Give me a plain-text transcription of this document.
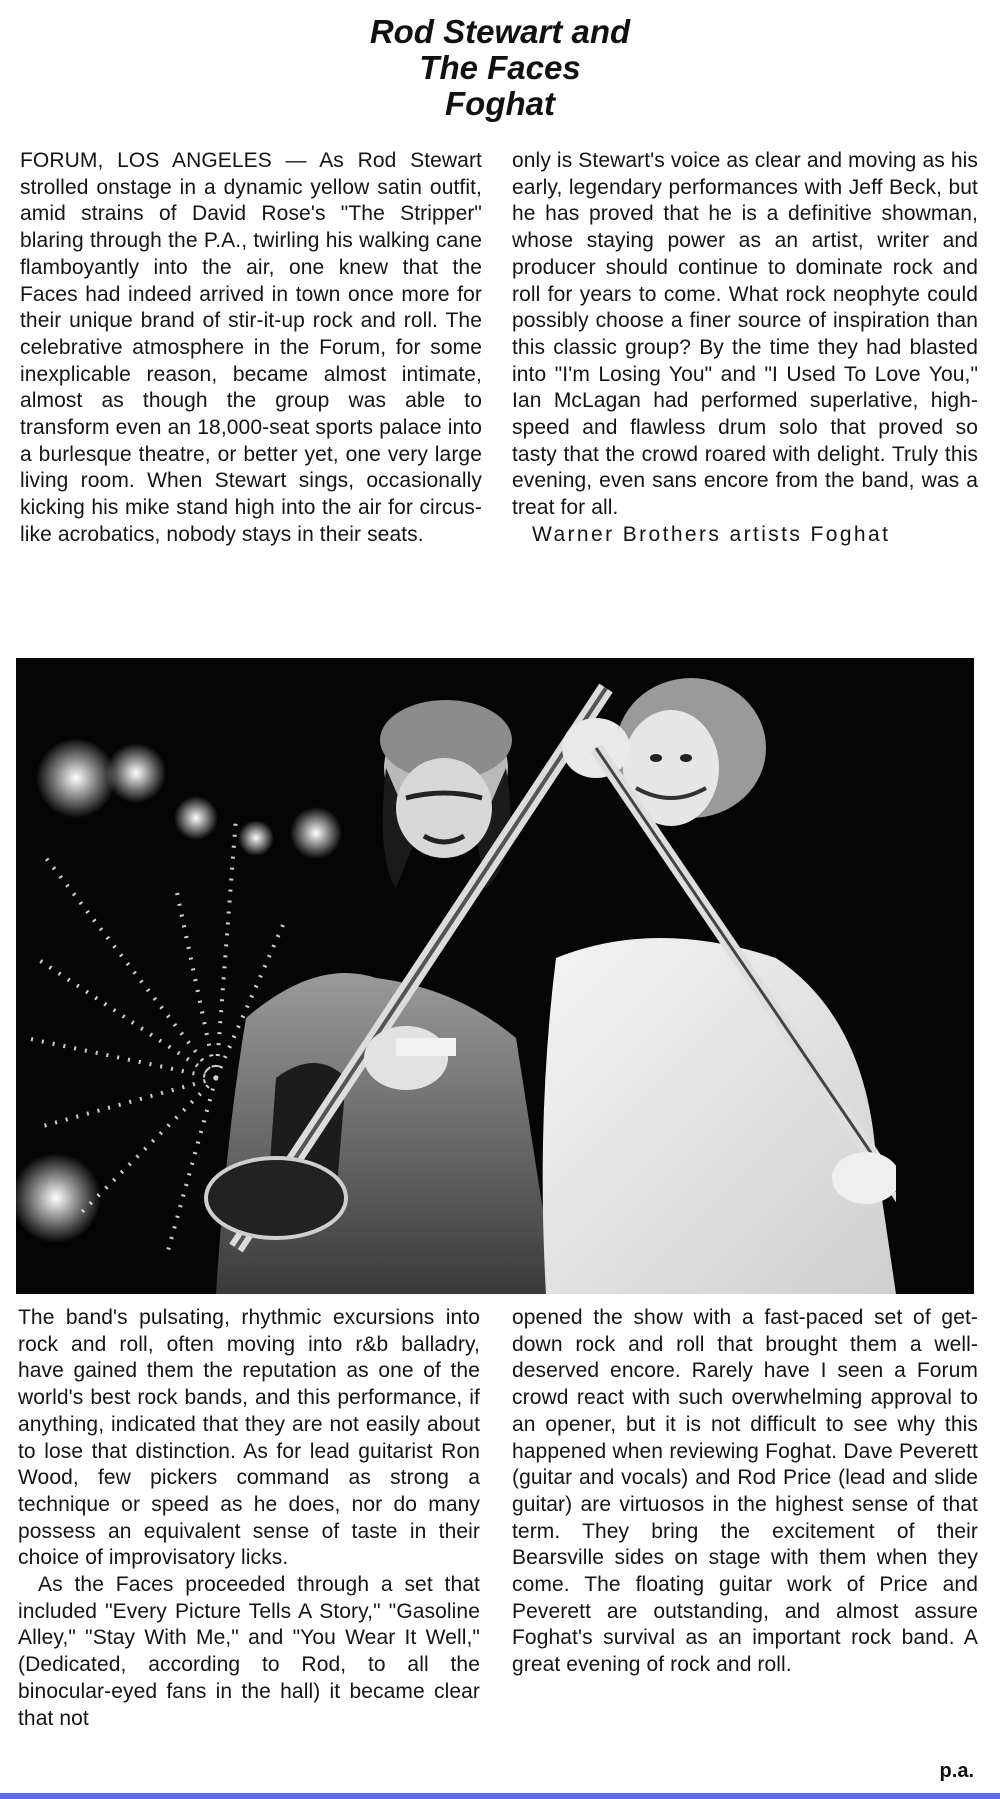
Rod Stewart and
The Faces
Foghat

FORUM, LOS ANGELES — As Rod Stewart strolled onstage in a dynamic yellow satin outfit, amid strains of David Rose's "The Stripper" blaring through the P.A., twirling his walking cane flamboyantly into the air, one knew that the Faces had indeed arrived in town once more for their unique brand of stir-it-up rock and roll. The celebrative atmosphere in the Forum, for some inexplicable reason, became almost intimate, almost as though the group was able to transform even an 18,000-seat sports palace into a burlesque theatre, or better yet, one very large living room. When Stewart sings, occasionally kicking his mike stand high into the air for circus-like acrobatics, nobody stays in their seats.

only is Stewart's voice as clear and moving as his early, legendary performances with Jeff Beck, but he has proved that he is a definitive showman, whose staying power as an artist, writer and producer should continue to dominate rock and roll for years to come. What rock neophyte could possibly choose a finer source of inspiration than this classic group? By the time they had blasted into "I'm Losing You" and "I Used To Love You," Ian McLagan had performed superlative, high-speed and flawless drum solo that proved so tasty that the crowd roared with delight. Truly this evening, even sans encore from the band, was a treat for all.

Warner Brothers artists Foghat

The band's pulsating, rhythmic excursions into rock and roll, often moving into r&b balladry, have gained them the reputation as one of the world's best rock bands, and this performance, if anything, indicated that they are not easily about to lose that distinction. As for lead guitarist Ron Wood, few pickers command as strong a technique or speed as he does, nor do many possess an equivalent sense of taste in their choice of improvisatory licks.

As the Faces proceeded through a set that included "Every Picture Tells A Story," "Gasoline Alley," "Stay With Me," and "You Wear It Well," (Dedicated, according to Rod, to all the binocular-eyed fans in the hall) it became clear that not

opened the show with a fast-paced set of get-down rock and roll that brought them a well-deserved encore. Rarely have I seen a Forum crowd react with such overwhelming approval to an opener, but it is not difficult to see why this happened when reviewing Foghat. Dave Peverett (guitar and vocals) and Rod Price (lead and slide guitar) are virtuosos in the highest sense of that term. They bring the excitement of their Bearsville sides on stage with them when they come. The floating guitar work of Price and Peverett are outstanding, and almost assure Foghat's survival as an important rock band. A great evening of rock and roll.

p.a.
